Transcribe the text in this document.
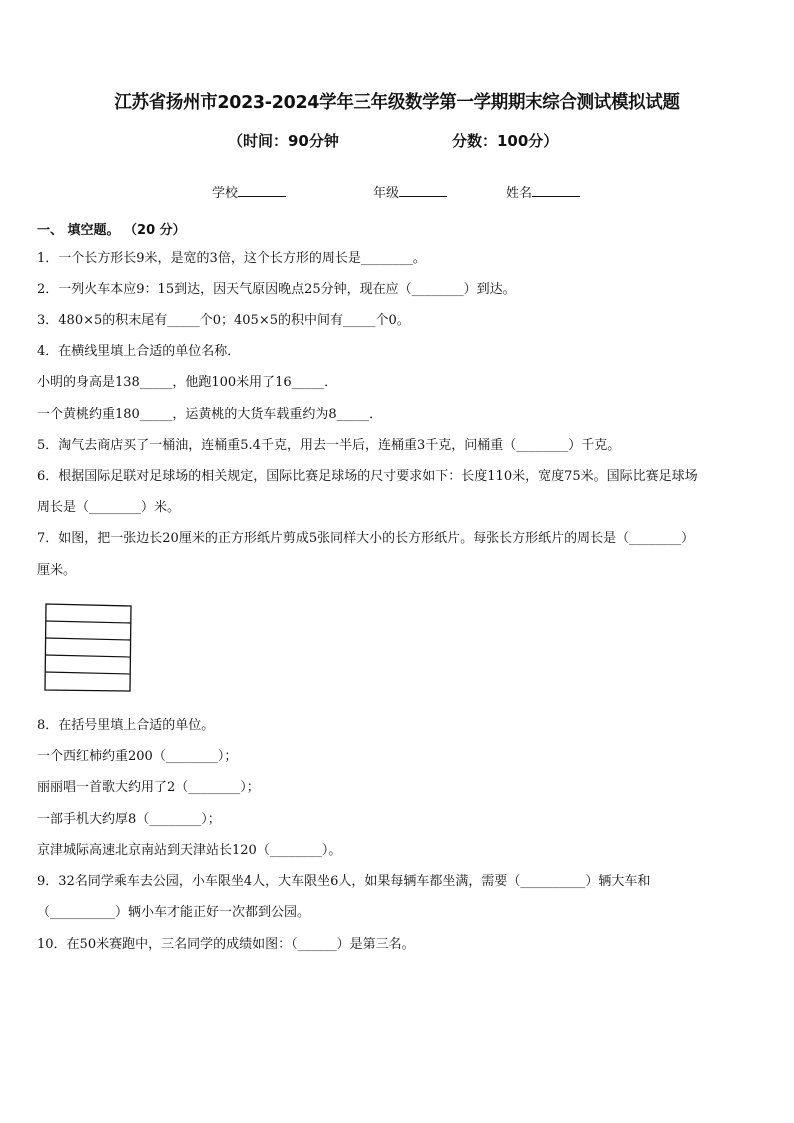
江苏省扬州市2023-2024学年三年级数学第一学期期末综合测试模拟试题
（时间：90分钟	分数：100分）
学校	年级	姓名
一、 填空题。 （20 分）
1．一个长方形长9米，是宽的3倍，这个长方形的周长是________。
2．一列火车本应9：15到达，因天气原因晚点25分钟，现在应（________）到达。
3．480×5的积末尾有_____个0；405×5的积中间有_____个0。
4．在横线里填上合适的单位名称．
小明的身高是138_____，他跑100米用了16_____．
一个黄桃约重180_____，运黄桃的大货车载重约为8_____．
5．淘气去商店买了一桶油，连桶重5.4千克，用去一半后，连桶重3千克，问桶重（________）千克。
6．根据国际足联对足球场的相关规定，国际比赛足球场的尺寸要求如下：长度110米，宽度75米。国际比赛足球场
周长是（________）米。
7．如图，把一张边长20厘米的正方形纸片剪成5张同样大小的长方形纸片。每张长方形纸片的周长是（________）
厘米。
8．在括号里填上合适的单位。
一个西红柿约重200（________）；
丽丽唱一首歌大约用了2（________）；
一部手机大约厚8（________）；
京津城际高速北京南站到天津站长120（________）。
9．32名同学乘车去公园，小车限坐4人，大车限坐6人，如果每辆车都坐满，需要（__________）辆大车和
（__________）辆小车才能正好一次都到公园。
10．在50米赛跑中，三名同学的成绩如图：（______）是第三名。
